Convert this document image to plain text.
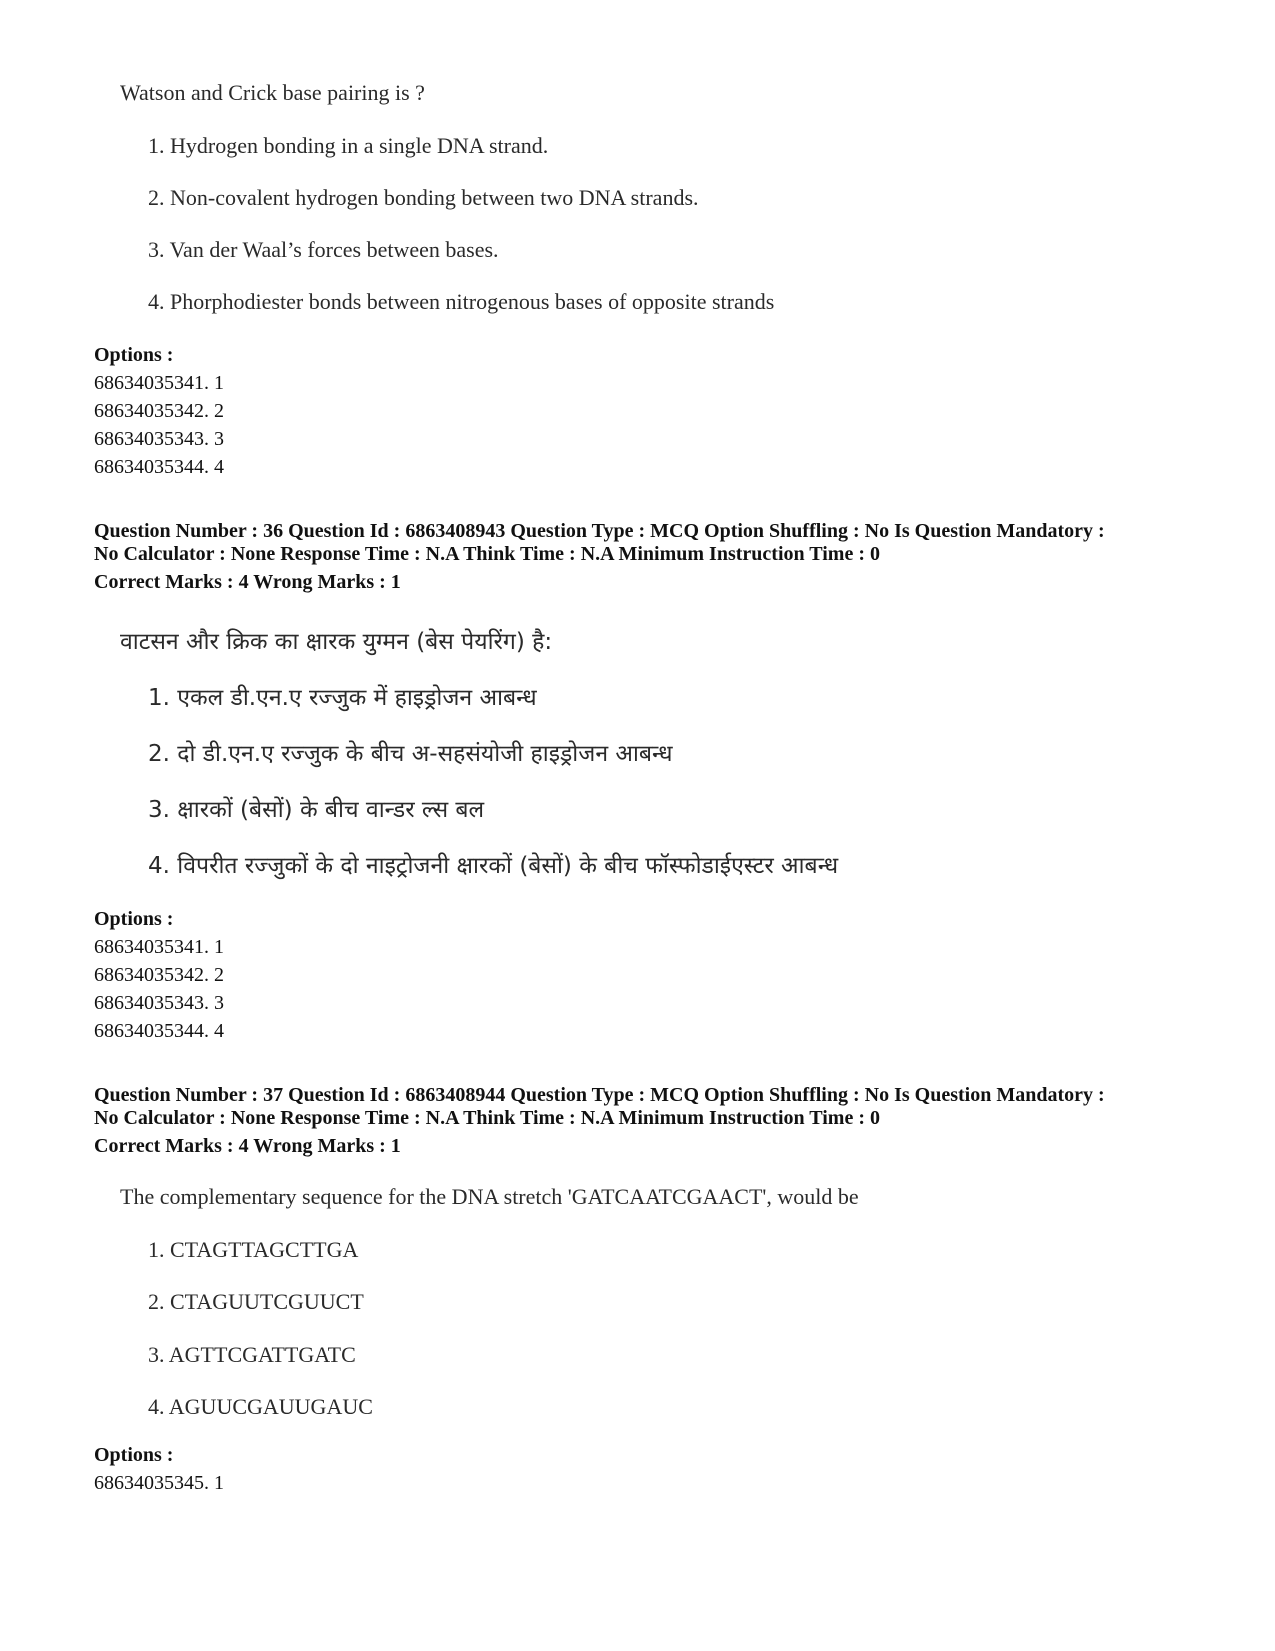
Watson and Crick base pairing is ?
1. Hydrogen bonding in a single DNA strand.
2. Non-covalent hydrogen bonding between two DNA strands.
3. Van der Waal’s forces between bases.
4. Phorphodiester bonds between nitrogenous bases of opposite strands
Options :
68634035341. 1
68634035342. 2
68634035343. 3
68634035344. 4
Question Number : 36 Question Id : 6863408943 Question Type : MCQ Option Shuffling : No Is Question Mandatory :
No Calculator : None Response Time : N.A Think Time : N.A Minimum Instruction Time : 0
Correct Marks : 4 Wrong Marks : 1
वाटसन और क्रिक का क्षारक युग्मन (बेस पेयरिंग) है:
1. एकल डी.एन.ए रज्जुक में हाइड्रोजन आबन्ध
2. दो डी.एन.ए रज्जुक के बीच अ-सहसंयोजी हाइड्रोजन आबन्ध
3. क्षारकों (बेसों) के बीच वान्डर ल्स बल
4. विपरीत रज्जुकों के दो नाइट्रोजनी क्षारकों (बेसों) के बीच फॉस्फोडाईएस्टर आबन्ध
Options :
68634035341. 1
68634035342. 2
68634035343. 3
68634035344. 4
Question Number : 37 Question Id : 6863408944 Question Type : MCQ Option Shuffling : No Is Question Mandatory :
No Calculator : None Response Time : N.A Think Time : N.A Minimum Instruction Time : 0
Correct Marks : 4 Wrong Marks : 1
The complementary sequence for the DNA stretch 'GATCAATCGAACT', would be
1. CTAGTTAGCTTGA
2. CTAGUUTCGUUCT
3. AGTTCGATTGATC
4. AGUUCGAUUGAUC
Options :
68634035345. 1
